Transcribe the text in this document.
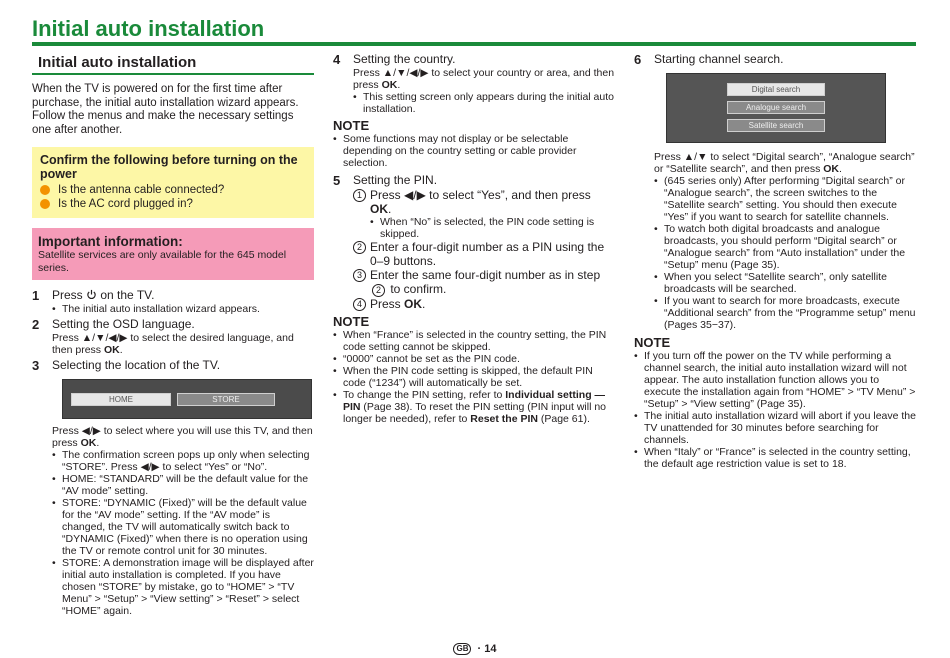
Initial auto installation
Initial auto installation
When the TV is powered on for the first time after purchase, the initial auto installation wizard appears. Follow the menus and make the necessary settings one after another.
Confirm the following before turning on the power
Is the antenna cable connected?
Is the AC cord plugged in?
Important information:
Satellite services are only available for the 645 model series.
1	Press  on the TV.
• The initial auto installation wizard appears.
2	Setting the OSD language.
Press ▲/▼/◀/▶ to select the desired language, and then press OK.
3	Selecting the location of the TV.
HOME	STORE
Press ◀/▶ to select where you will use this TV, and then press OK.
• The confirmation screen pops up only when selecting “STORE”. Press ◀/▶ to select “Yes” or “No”.
• HOME: “STANDARD” will be the default value for the “AV mode” setting.
• STORE: “DYNAMIC (Fixed)” will be the default value for the “AV mode” setting. If the “AV mode” is changed, the TV will automatically switch back to “DYNAMIC (Fixed)” when there is no operation using the TV or remote control unit for 30 minutes.
• STORE: A demonstration image will be displayed after initial auto installation is completed. If you have chosen “STORE” by mistake, go to “HOME” > “TV Menu” > “Setup” > “View setting” > “Reset” > select “HOME” again.
4	Setting the country.
Press ▲/▼/◀/▶ to select your country or area, and then press OK.
• This setting screen only appears during the initial auto installation.
NOTE
• Some functions may not display or be selectable depending on the country setting or cable provider selection.
5	Setting the PIN.
1 Press ◀/▶ to select “Yes”, and then press OK.
• When “No” is selected, the PIN code setting is skipped.
2 Enter a four-digit number as a PIN using the 0–9 buttons.
3 Enter the same four-digit number as in step 2 to confirm.
4 Press OK.
NOTE
• When “France” is selected in the country setting, the PIN code setting cannot be skipped.
• “0000” cannot be set as the PIN code.
• When the PIN code setting is skipped, the default PIN code (“1234”) will automatically be set.
• To change the PIN setting, refer to Individual setting — PIN (Page 38). To reset the PIN setting (PIN input will no longer be needed), refer to Reset the PIN (Page 61).
6	Starting channel search.
Digital search
Analogue search
Satellite search
Press ▲/▼ to select “Digital search”, “Analogue search” or “Satellite search”, and then press OK.
• (645 series only) After performing “Digital search” or “Analogue search”, the screen switches to the “Satellite search” setting. You should then execute “Yes” if you want to search for satellite channels.
• To watch both digital broadcasts and analogue broadcasts, you should perform “Digital search” or “Analogue search” from “Auto installation” under the “Setup” menu (Page 35).
• When you select “Satellite search”, only satellite broadcasts will be searched.
• If you want to search for more broadcasts, execute “Additional search” from the “Programme setup” menu (Pages 35−37).
NOTE
• If you turn off the power on the TV while performing a channel search, the initial auto installation wizard will not appear. The auto installation function allows you to execute the installation again from “HOME” > “TV Menu” > “Setup” > “View setting” (Page 35).
• The initial auto installation wizard will abort if you leave the TV unattended for 30 minutes before searching for channels.
• When “Italy” or “France” is selected in the country setting, the default age restriction value is set to 18.
GB · 14
